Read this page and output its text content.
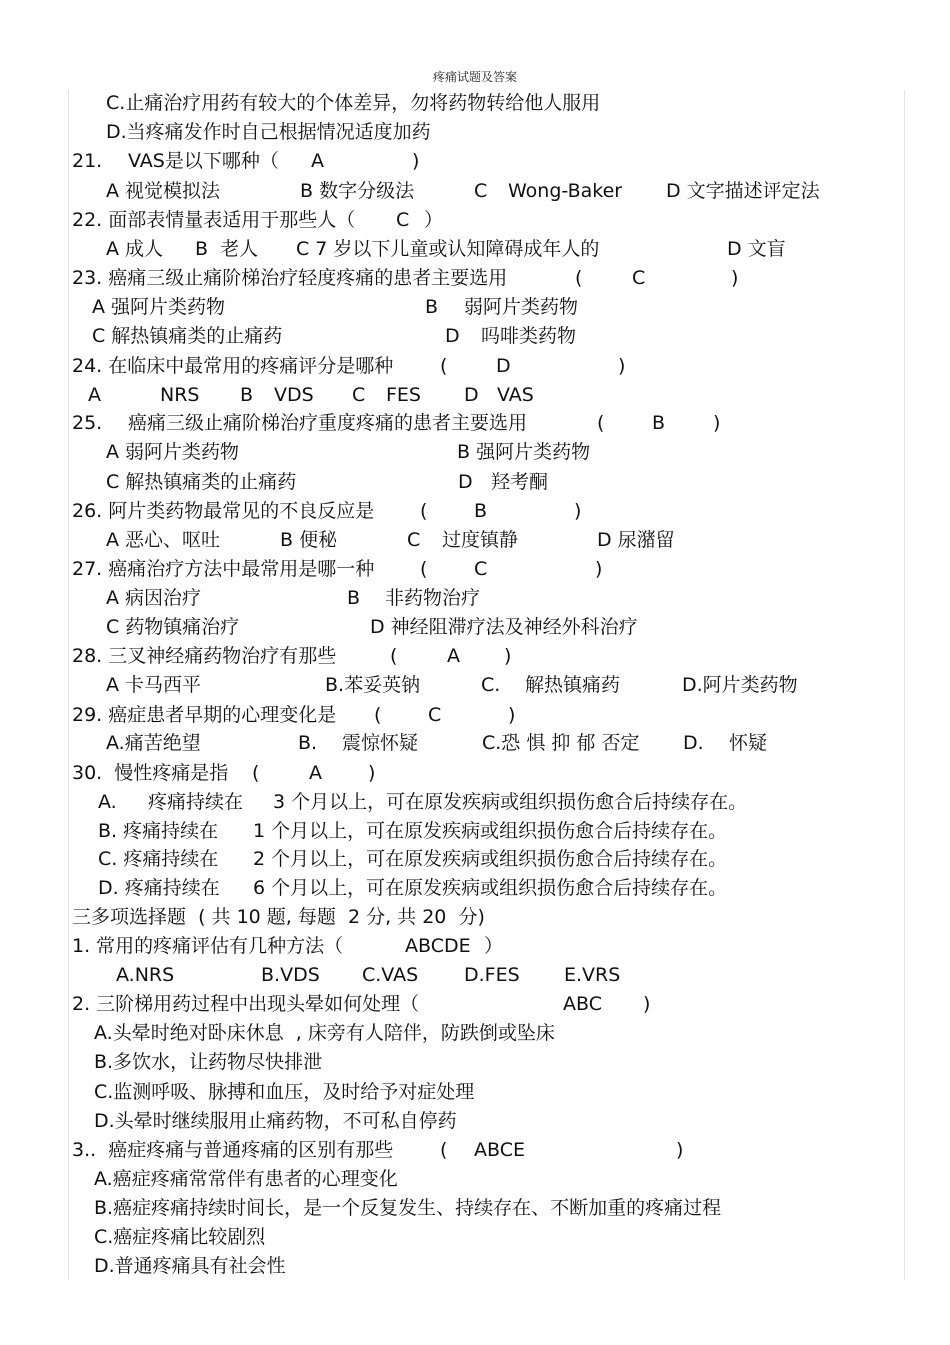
疼痛试题及答案
C.止痛治疗用药有较大的个体差异，勿将药物转给他人服用
D.当疼痛发作时自己根据情况适度加药
21. VAS是以下哪种（ A	)
A 视觉模拟法	B 数字分级法	C Wong-Baker D 文字描述评定法
22. 面部表情量表适用于那些人（ C ）
A 成人 B  老人 C 7 岁以下儿童或认知障碍成年人的	D 文盲
23. 癌痛三级止痛阶梯治疗轻度疼痛的患者主要选用	(	C	)
A 强阿片类药物	B 弱阿片类药物
C 解热镇痛类的止痛药	D 吗啡类药物
24. 在临床中最常用的疼痛评分是哪种 (	D	)
A	NRS B VDS C FES D VAS
25. 癌痛三级止痛阶梯治疗重度疼痛的患者主要选用	(	B	)
A 弱阿片类药物	B 强阿片类药物
C 解热镇痛类的止痛药	D 羟考酮
26. 阿片类药物最常见的不良反应是 ( B	)
A 恶心、呕吐	B 便秘	C 过度镇静	D 尿潴留
27. 癌痛治疗方法中最常用是哪一种 ( C	)
A 病因治疗	B 非药物治疗
C 药物镇痛治疗	D 神经阻滞疗法及神经外科治疗
28. 三叉神经痛药物治疗有那些	(	A )
A 卡马西平	B.苯妥英钠	C. 解热镇痛药	D.阿片类药物
29. 癌症患者早期的心理变化是 ( C	)
A.痛苦绝望	B. 震惊怀疑	C.恐 惧 抑 郁 否定 D. 怀疑
30.  慢性疼痛是指 (	A )
A. 疼痛持续在 3 个月以上，可在原发疾病或组织损伤愈合后持续存在。
B. 疼痛持续在 1 个月以上，可在原发疾病或组织损伤愈合后持续存在。
C. 疼痛持续在 2 个月以上，可在原发疾病或组织损伤愈合后持续存在。
D. 疼痛持续在 6 个月以上，可在原发疾病或组织损伤愈合后持续存在。
三多项选择题  ( 共 10 题, 每题  2 分, 共 20  分)
1. 常用的疼痛评估有几种方法（	ABCDE ）
A.NRS	B.VDS C.VAS D.FES E.VRS
2. 三阶梯用药过程中出现头晕如何处理（	ABC )
A.头晕时绝对卧床休息  , 床旁有人陪伴，防跌倒或坠床
B.多饮水，让药物尽快排泄
C.监测呼吸、脉搏和血压，及时给予对症处理
D.头晕时继续服用止痛药物，不可私自停药
3..  癌症疼痛与普通疼痛的区别有那些 ( ABCE	)
A.癌症疼痛常常伴有患者的心理变化
B.癌症疼痛持续时间长，是一个反复发生、持续存在、不断加重的疼痛过程
C.癌症疼痛比较剧烈
D.普通疼痛具有社会性
